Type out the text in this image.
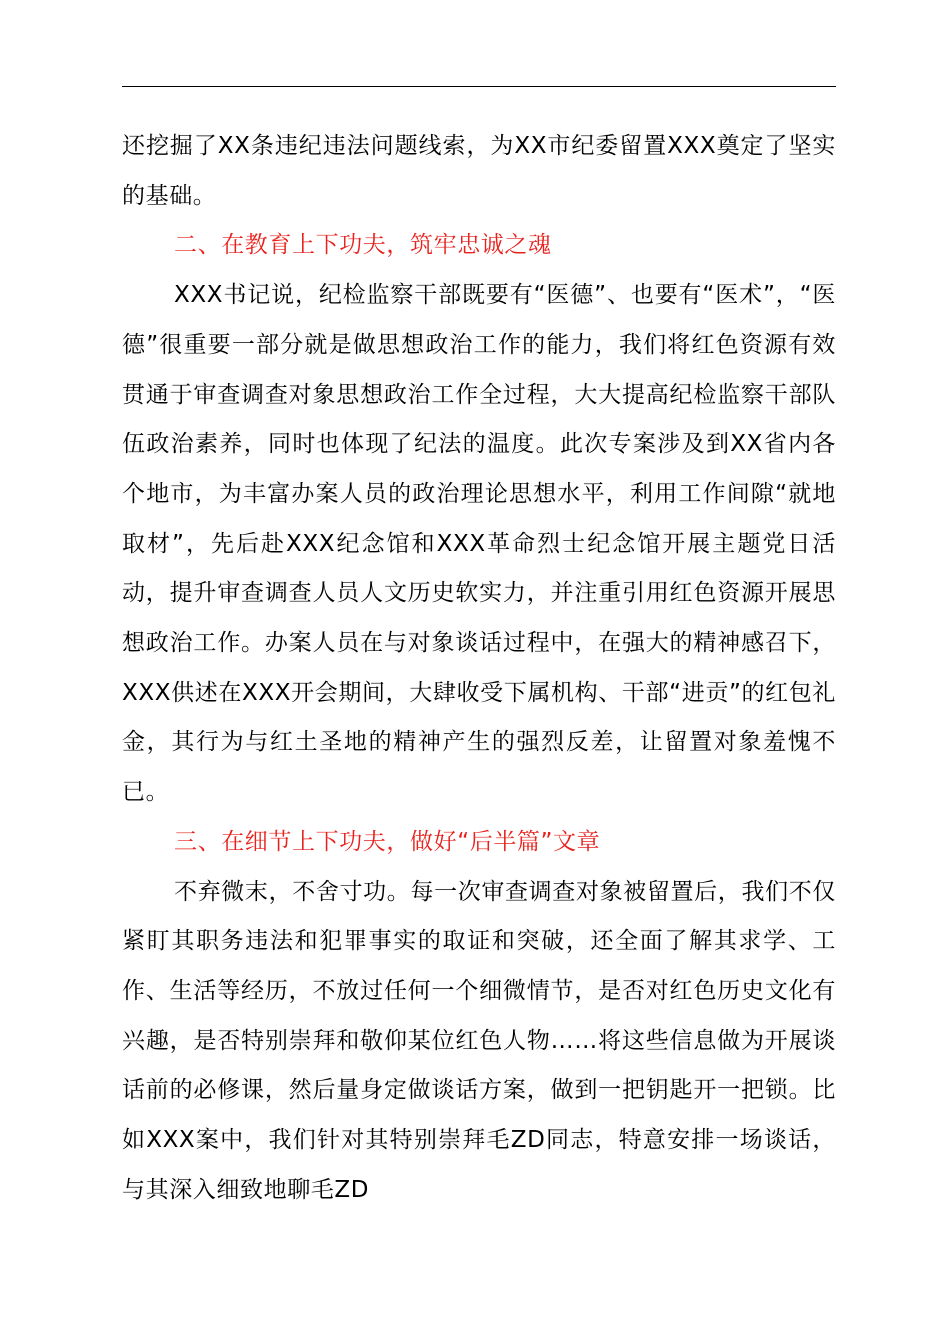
还挖掘了XX条违纪违法问题线索，为XX市纪委留置XXX奠定了坚实的基础。

二、在教育上下功夫，筑牢忠诚之魂

XXX书记说，纪检监察干部既要有“医德”、也要有“医术”，“医德”很重要一部分就是做思想政治工作的能力，我们将红色资源有效贯通于审查调查对象思想政治工作全过程，大大提高纪检监察干部队伍政治素养，同时也体现了纪法的温度。此次专案涉及到XX省内各个地市，为丰富办案人员的政治理论思想水平，利用工作间隙“就地取材”，先后赴XXX纪念馆和XXX革命烈士纪念馆开展主题党日活动，提升审查调查人员人文历史软实力，并注重引用红色资源开展思想政治工作。办案人员在与对象谈话过程中，在强大的精神感召下，XXX供述在XXX开会期间，大肆收受下属机构、干部“进贡”的红包礼金，其行为与红土圣地的精神产生的强烈反差，让留置对象羞愧不已。

三、在细节上下功夫，做好“后半篇”文章

不弃微末，不舍寸功。每一次审查调查对象被留置后，我们不仅紧盯其职务违法和犯罪事实的取证和突破，还全面了解其求学、工作、生活等经历，不放过任何一个细微情节，是否对红色历史文化有兴趣，是否特别崇拜和敬仰某位红色人物……将这些信息做为开展谈话前的必修课，然后量身定做谈话方案，做到一把钥匙开一把锁。比如XXX案中，我们针对其特别崇拜毛ZD同志，特意安排一场谈话，与其深入细致地聊毛ZD
